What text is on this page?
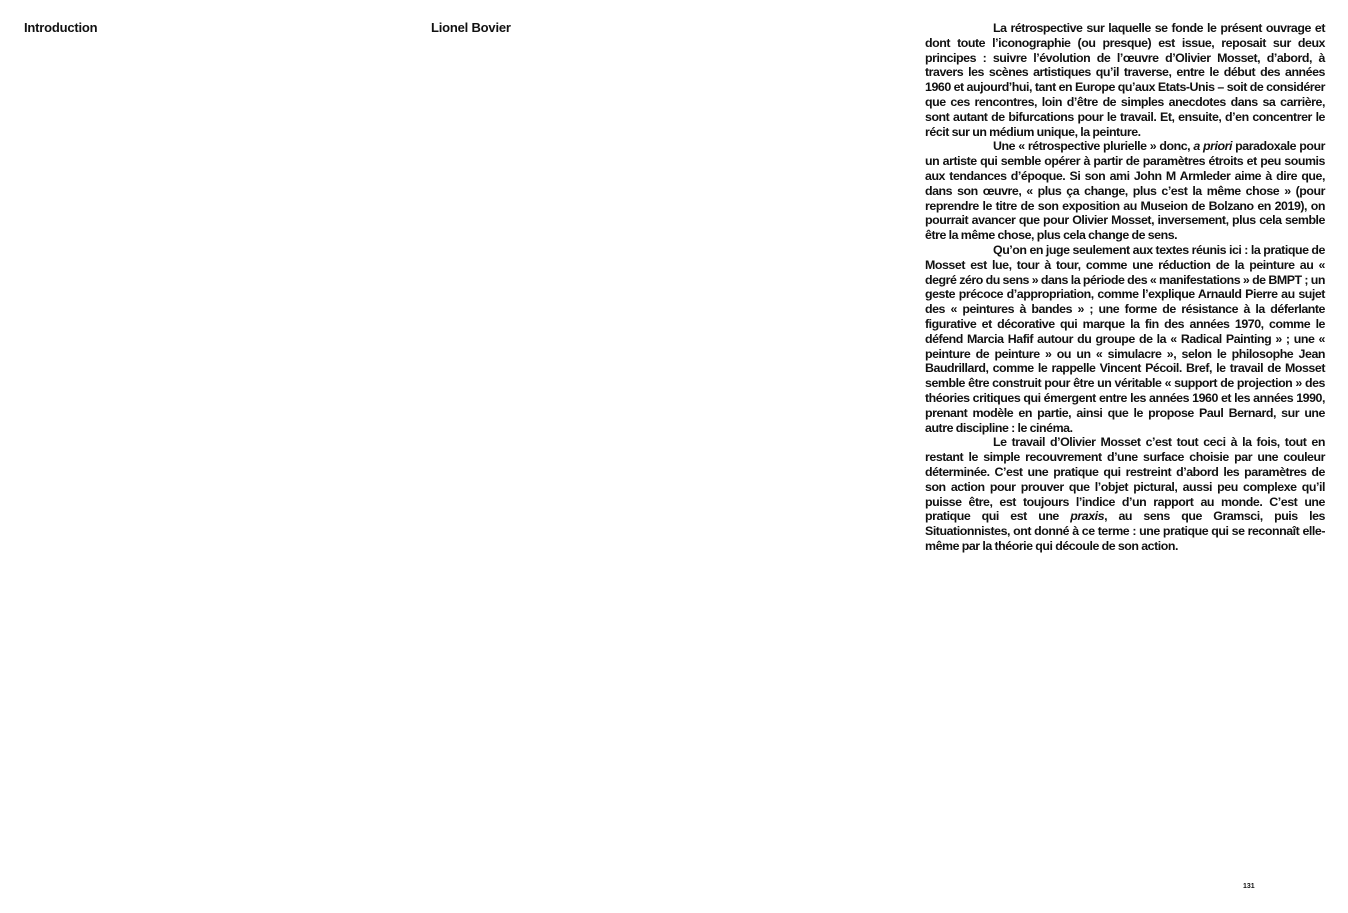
Introduction	Lionel Bovier	La rétrospective sur laquelle se fonde le présent ouvrage et dont toute l’iconographie (ou presque) est issue, reposait sur deux principes : suivre l’évolution de l’œuvre d’Olivier Mosset, d’abord, à travers les scènes artistiques qu’il traverse, entre le début des années 1960 et aujourd’hui, tant en Europe qu’aux Etats-Unis – soit de considérer que ces rencontres, loin d’être de simples anecdotes dans sa carrière, sont autant de bifurcations pour le travail. Et, ensuite, d’en concentrer le récit sur un médium unique, la peinture.

Une « rétrospective plurielle » donc, a priori paradoxale pour un artiste qui semble opérer à partir de paramètres étroits et peu soumis aux tendances d’époque. Si son ami John M Armleder aime à dire que, dans son œuvre, « plus ça change, plus c’est la même chose » (pour reprendre le titre de son exposition au Museion de Bolzano en 2019), on pourrait avancer que pour Olivier Mosset, inversement, plus cela semble être la même chose, plus cela change de sens.

Qu’on en juge seulement aux textes réunis ici : la pratique de Mosset est lue, tour à tour, comme une réduction de la peinture au « degré zéro du sens » dans la période des « manifestations » de BMPT ; un geste précoce d’appropriation, comme l’explique Arnauld Pierre au sujet des « peintures à bandes » ; une forme de résistance à la déferlante figurative et décorative qui marque la fin des années 1970, comme le défend Marcia Hafif autour du groupe de la « Radical Painting » ; une « peinture de peinture » ou un « simulacre », selon le philosophe Jean Baudrillard, comme le rappelle Vincent Pécoil. Bref, le travail de Mosset semble être construit pour être un véritable « support de projection » des théories critiques qui émergent entre les années 1960 et les années 1990, prenant modèle en partie, ainsi que le propose Paul Bernard, sur une autre discipline : le cinéma.

Le travail d’Olivier Mosset c’est tout ceci à la fois, tout en restant le simple recouvrement d’une surface choisie par une couleur déterminée. C’est une pratique qui restreint d’abord les paramètres de son action pour prouver que l’objet pictural, aussi peu complexe qu’il puisse être, est toujours l’indice d’un rapport au monde. C’est une pratique qui est une praxis, au sens que Gramsci, puis les Situationnistes, ont donné à ce terme : une pratique qui se reconnaît elle-même par la théorie qui découle de son action.

131
